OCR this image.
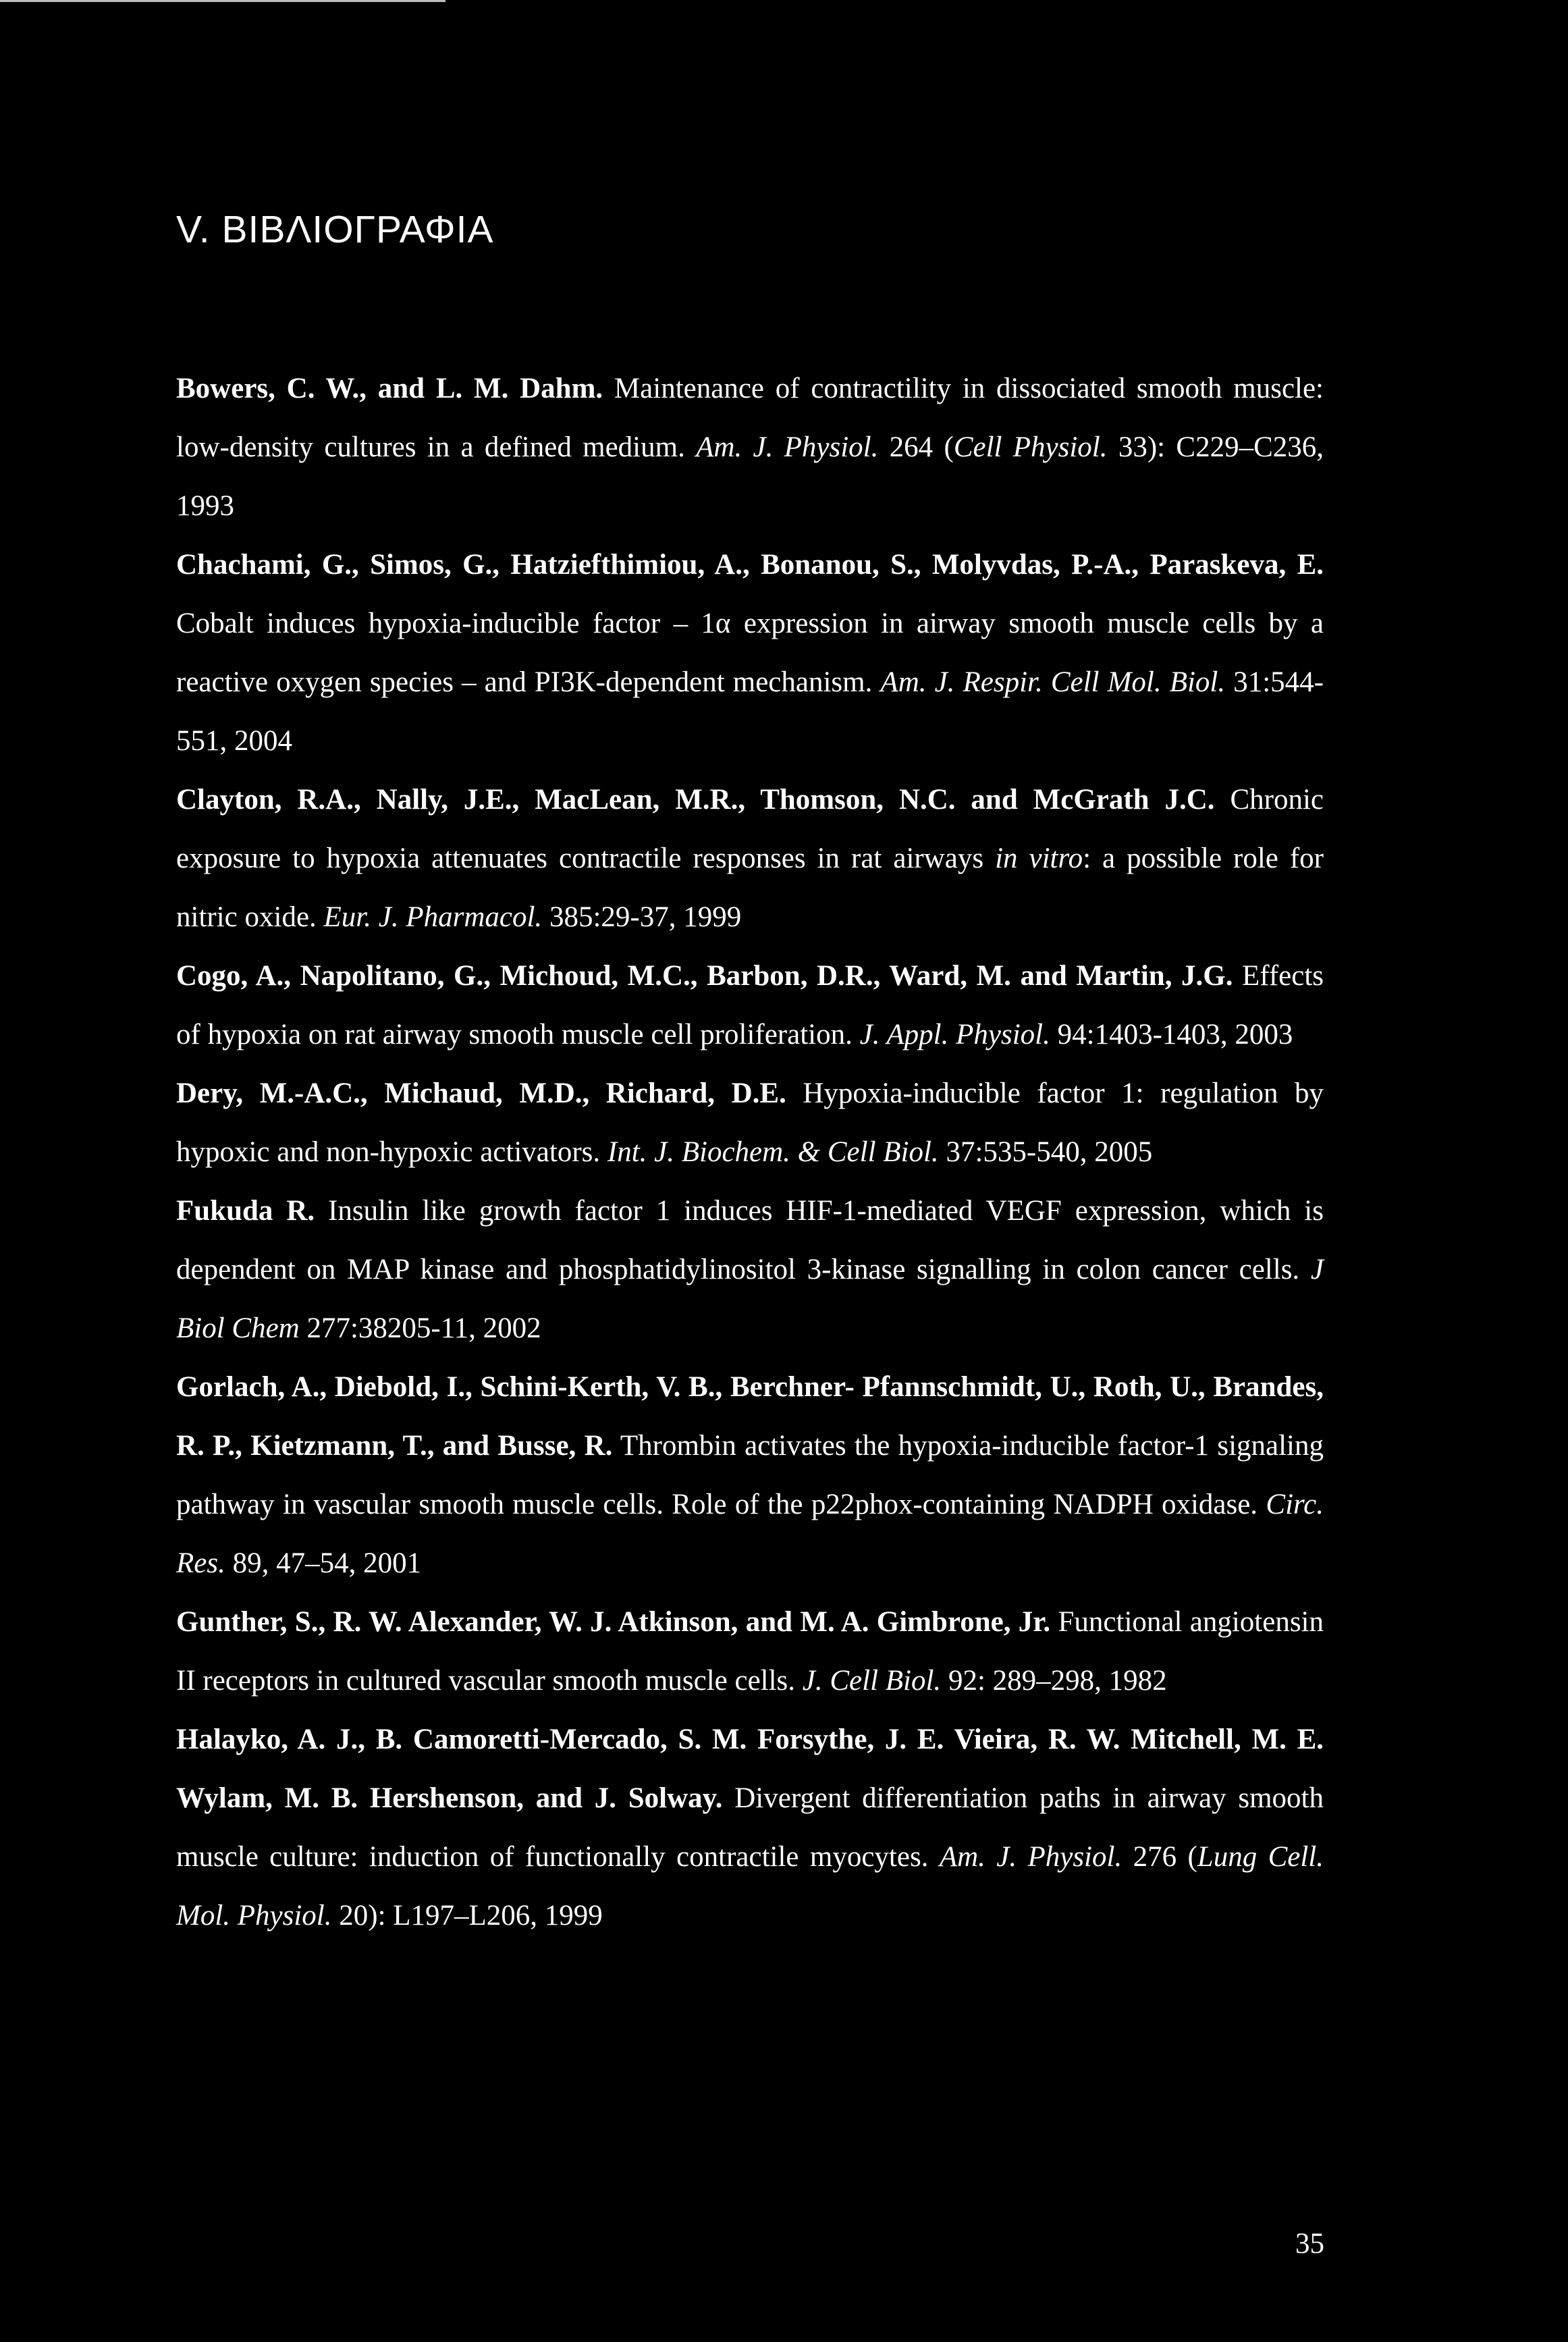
V. ΒΙΒΛΙΟΓΡΑΦΙΑ

Bowers, C. W., and L. M. Dahm. Maintenance of contractility in dissociated smooth muscle: low-density cultures in a defined medium. Am. J. Physiol. 264 (Cell Physiol. 33): C229–C236, 1993

Chachami, G., Simos, G., Hatziefthimiou, A., Bonanou, S., Molyvdas, P.-A., Paraskeva, E. Cobalt induces hypoxia-inducible factor – 1α expression in airway smooth muscle cells by a reactive oxygen species – and PI3K-dependent mechanism. Am. J. Respir. Cell Mol. Biol. 31:544-551, 2004

Clayton, R.A., Nally, J.E., MacLean, M.R., Thomson, N.C. and McGrath J.C. Chronic exposure to hypoxia attenuates contractile responses in rat airways in vitro: a possible role for nitric oxide. Eur. J. Pharmacol. 385:29-37, 1999

Cogo, A., Napolitano, G., Michoud, M.C., Barbon, D.R., Ward, M. and Martin, J.G. Effects of hypoxia on rat airway smooth muscle cell proliferation. J. Appl. Physiol. 94:1403-1403, 2003

Dery, M.-A.C., Michaud, M.D., Richard, D.E. Hypoxia-inducible factor 1: regulation by hypoxic and non-hypoxic activators. Int. J. Biochem. & Cell Biol. 37:535-540, 2005

Fukuda R. Insulin like growth factor 1 induces HIF-1-mediated VEGF expression, which is dependent on MAP kinase and phosphatidylinositol 3-kinase signalling in colon cancer cells. J Biol Chem 277:38205-11, 2002

Gorlach, A., Diebold, I., Schini-Kerth, V. B., Berchner- Pfannschmidt, U., Roth, U., Brandes, R. P., Kietzmann, T., and Busse, R. Thrombin activates the hypoxia-inducible factor-1 signaling pathway in vascular smooth muscle cells. Role of the p22phox-containing NADPH oxidase. Circ. Res. 89, 47–54, 2001

Gunther, S., R. W. Alexander, W. J. Atkinson, and M. A. Gimbrone, Jr. Functional angiotensin II receptors in cultured vascular smooth muscle cells. J. Cell Biol. 92: 289–298, 1982

Halayko, A. J., B. Camoretti-Mercado, S. M. Forsythe, J. E. Vieira, R. W. Mitchell, M. E. Wylam, M. B. Hershenson, and J. Solway. Divergent differentiation paths in airway smooth muscle culture: induction of functionally contractile myocytes. Am. J. Physiol. 276 (Lung Cell. Mol. Physiol. 20): L197–L206, 1999

35
